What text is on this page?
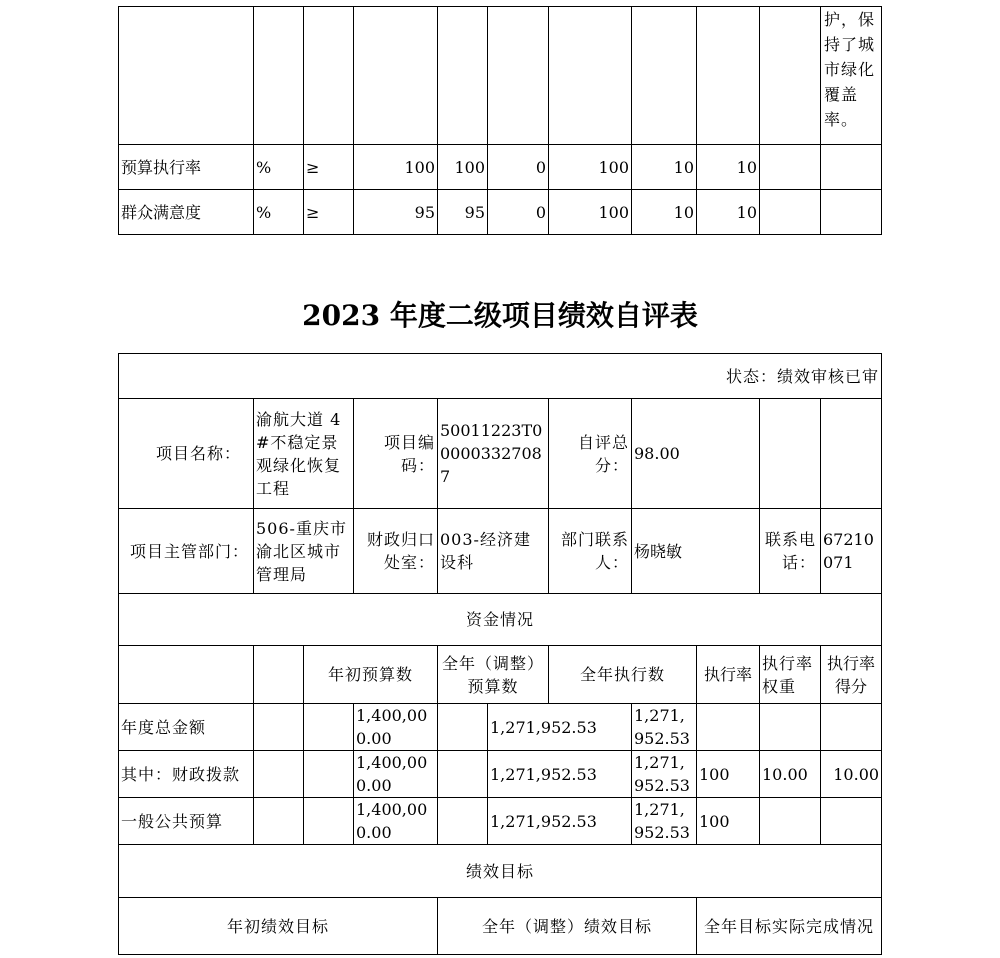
										护，保持了城市绿化覆盖率。
预算执行率	%	≥	100	100	0	100	10	10		
群众满意度	%	≥	95	95	0	100	10	10		
2023 年度二级项目绩效自评表
状态：绩效审核已审										
项目名称：	渝航大道 4#不稳定景观绿化恢复工程		项目编码：	50011223T000003327087		自评总分：	98.00			
项目主管部门：	506-重庆市渝北区城市管理局		财政归口处室：	003-经济建设科		部门联系人：	杨晓敏		联系电话：	67210071
资金情况										
		年初预算数		全年（调整）预算数		全年执行数		执行率	执行率权重	执行率得分
年度总金额			1,400,000.00		1,271,952.53		1,271,952.53			
其中：财政拨款			1,400,000.00		1,271,952.53		1,271,952.53	100	10.00	10.00
一般公共预算			1,400,000.00		1,271,952.53		1,271,952.53	100		
绩效目标										
年初绩效目标				全年（调整）绩效目标				全年目标实际完成情况		
